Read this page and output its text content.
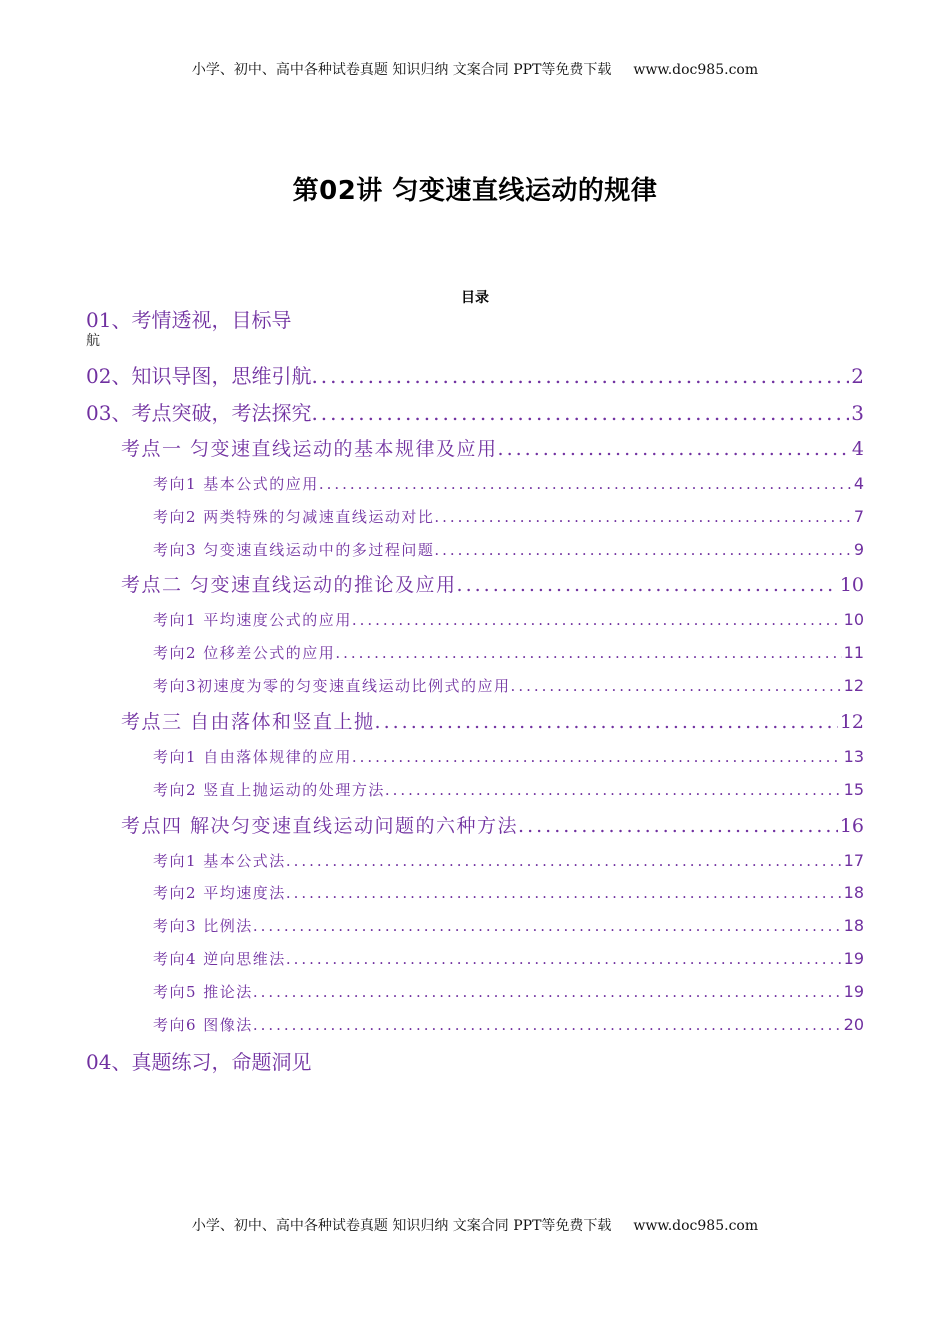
小学、初中、高中各种试卷真题 知识归纳 文案合同 PPT等免费下载 www.doc985.com
第02讲 匀变速直线运动的规律
目录
01、考情透视，目标导
航
02、知识导图，思维引航 .....	2
03、考点突破，考法探究 .....	3
考点一 匀变速直线运动的基本规律及应用 .....	4
考向1 基本公式的应用 .....	4
考向2 两类特殊的匀减速直线运动对比 .....	7
考向3 匀变速直线运动中的多过程问题 .....	9
考点二 匀变速直线运动的推论及应用 .....	10
考向1 平均速度公式的应用 .....	10
考向2 位移差公式的应用 .....	11
考向3初速度为零的匀变速直线运动比例式的应用 .....	12
考点三 自由落体和竖直上抛 .....	12
考向1 自由落体规律的应用 .....	13
考向2 竖直上抛运动的处理方法 .....	15
考点四 解决匀变速直线运动问题的六种方法 .....	16
考向1 基本公式法 .....	17
考向2 平均速度法 .....	18
考向3 比例法 .....	18
考向4 逆向思维法 .....	19
考向5 推论法 .....	19
考向6 图像法 .....	20
04、真题练习，命题洞见
小学、初中、高中各种试卷真题 知识归纳 文案合同 PPT等免费下载 www.doc985.com
